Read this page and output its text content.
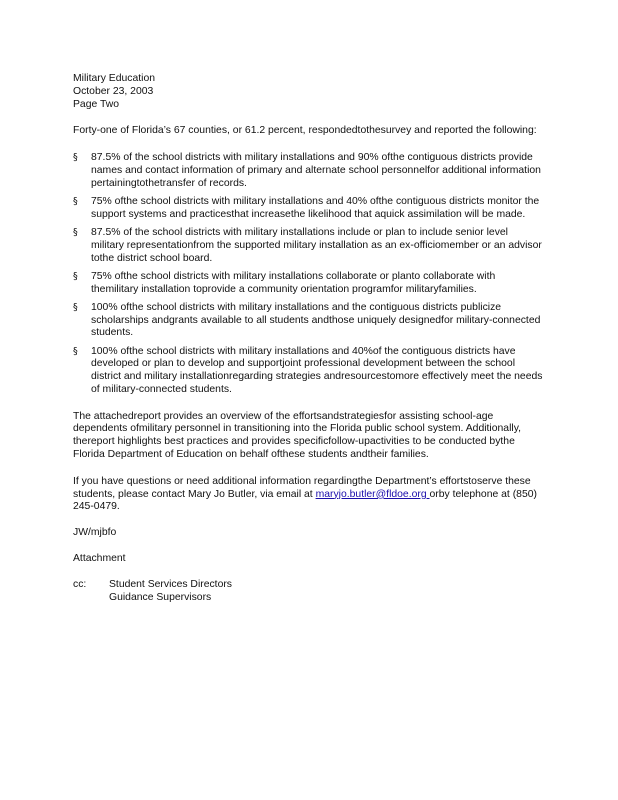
Military Education
October 23, 2003
Page Two

Forty-one of Florida’s 67 counties, or 61.2 percent, respondedtothesurvey and reported the following:

§ 87.5% of the school districts with military installations and 90% ofthe contiguous districts provide names and contact information of primary and alternate school personnelfor additional information pertainingtothetransfer of records.
§ 75% ofthe school districts with military installations and 40% ofthe contiguous districts monitor the support systems and practicesthat increasethe likelihood that aquick assimilation will be made.
§ 87.5% of the school districts with military installations include or plan to include senior level military representationfrom the supported military installation as an ex-officiomember or an advisor tothe district school board.
§ 75% ofthe school districts with military installations collaborate or planto collaborate with themilitary installation toprovide a community orientation programfor militaryfamilies.
§ 100% ofthe school districts with military installations and the contiguous districts publicize scholarships andgrants available to all students andthose uniquely designedfor military-connected students.
§ 100% ofthe school districts with military installations and 40%of the contiguous districts have developed or plan to develop and supportjoint professional development between the school district and military installationregarding strategies andresourcestomore effectively meet the needs of military-connected students.

The attachedreport provides an overview of the effortsandstrategiesfor assisting school-age dependents ofmilitary personnel in transitioning into the Florida public school system. Additionally, thereport highlights best practices and provides specificfollow-upactivities to be conducted bythe Florida Department of Education on behalf ofthese students andtheir families.

If you have questions or need additional information regardingthe Department’s effortstoserve these students, please contact Mary Jo Butler, via email at maryjo.butler@fldoe.org orby telephone at (850) 245-0479.

JW/mjbfo
Attachment
cc:	Student Services Directors
Guidance Supervisors
